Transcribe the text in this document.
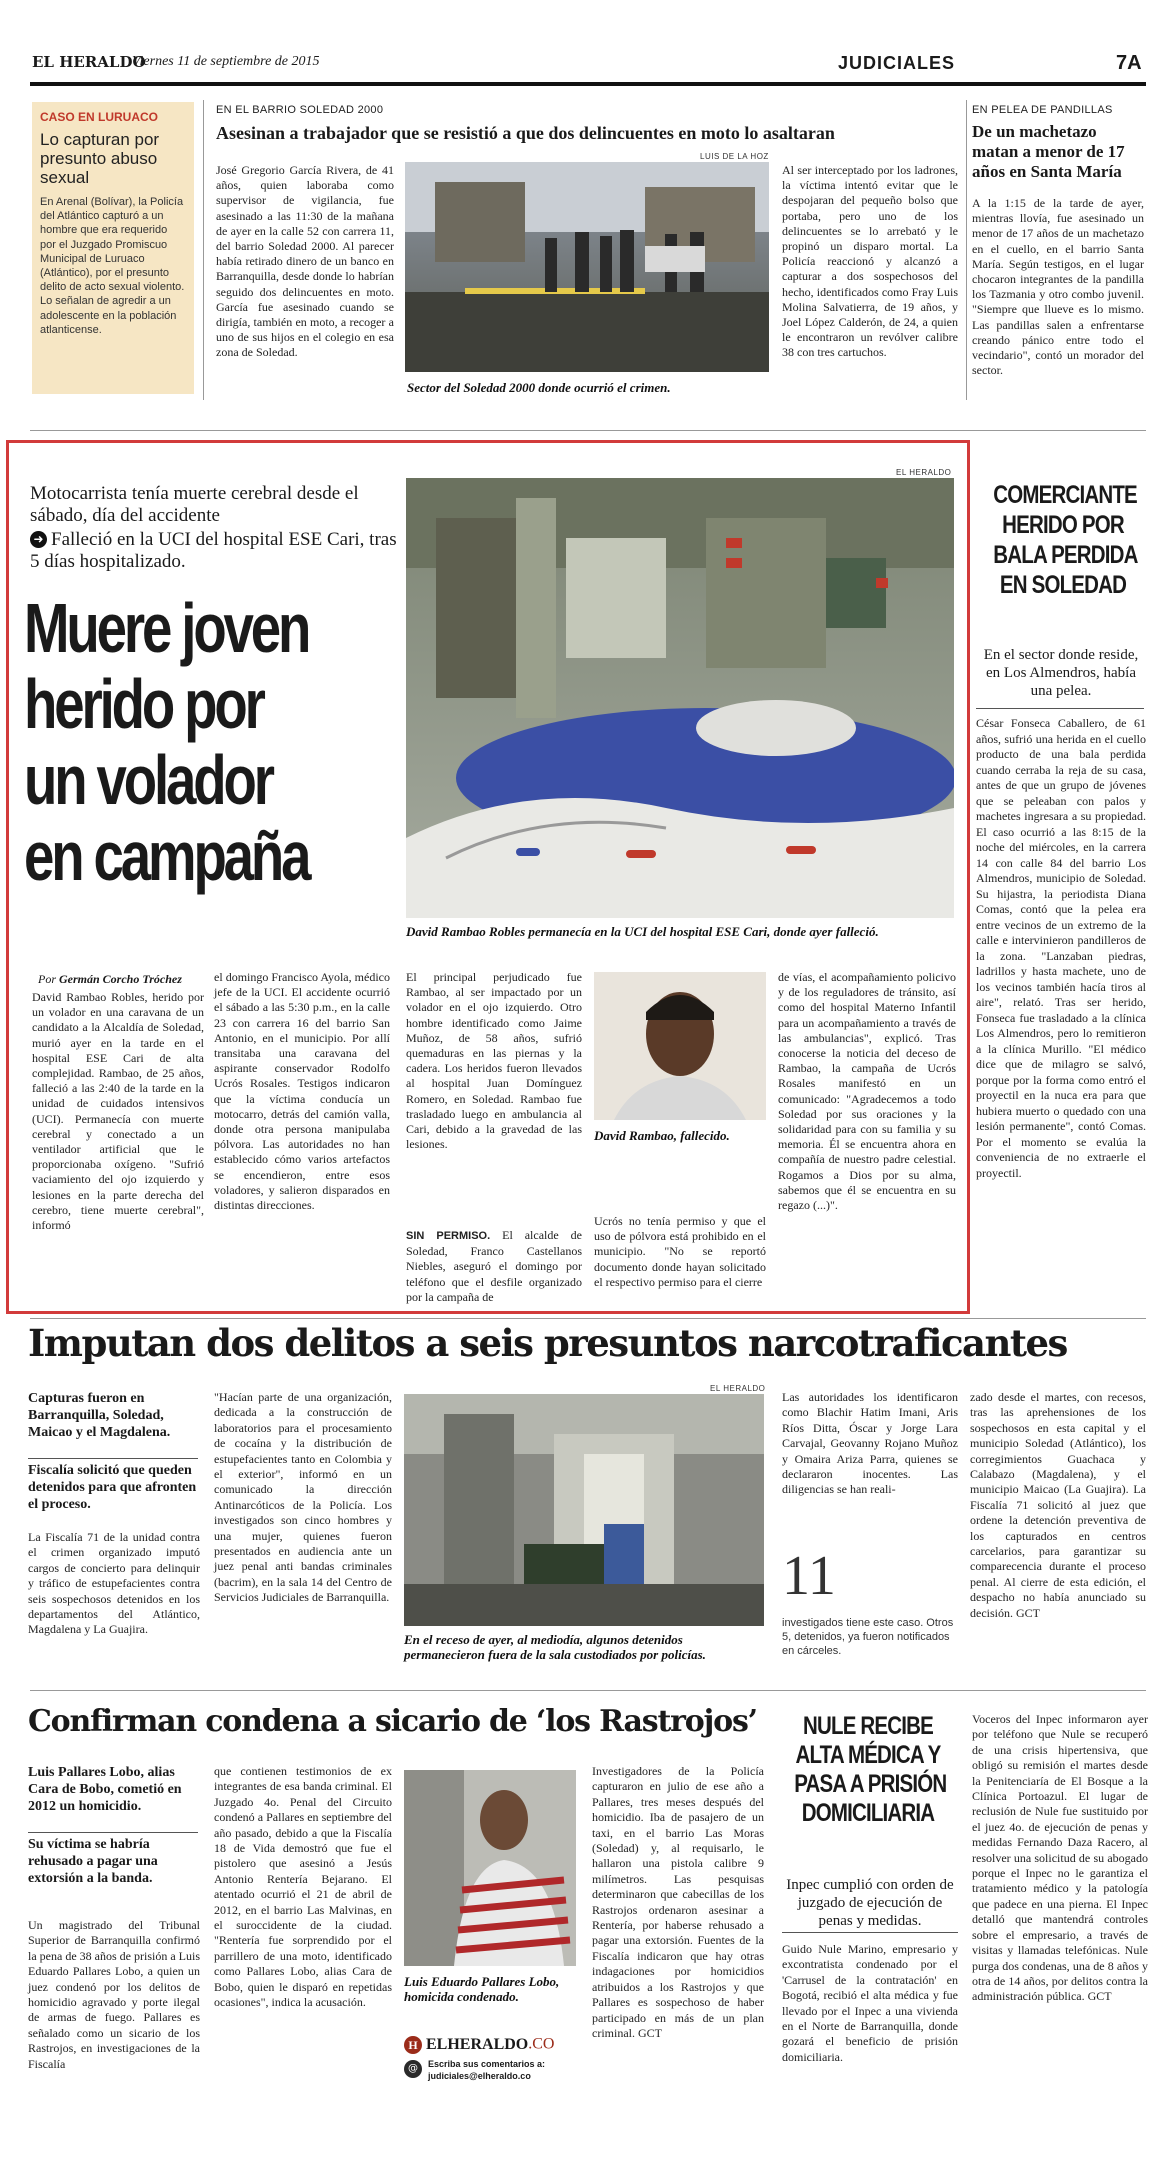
EL HERALDO
Viernes 11 de septiembre de 2015	JUDICIALES	7A
CASO EN LURUACO
Lo capturan por presunto abuso sexual
En Arenal (Bolívar), la Policía del Atlántico capturó a un hombre que era requerido por el Juzgado Promiscuo Municipal de Luruaco (Atlántico), por el presunto delito de acto sexual violento. Lo señalan de agredir a un adolescente en la población atlanticense.
EN EL BARRIO SOLEDAD 2000
Asesinan a trabajador que se resistió a que dos delincuentes en moto lo asaltaran
José Gregorio García Rivera, de 41 años, quien laboraba como supervisor de vigilancia, fue asesinado a las 11:30 de la mañana de ayer en la calle 52 con carrera 11, del barrio Soledad 2000. Al parecer había retirado dinero de un banco en Barranquilla, desde donde lo habrían seguido dos delincuentes en moto. García fue asesinado cuando se dirigía, también en moto, a recoger a uno de sus hijos en el colegio en esa zona de Soledad.
LUIS DE LA HOZ
Sector del Soledad 2000 donde ocurrió el crimen.
Al ser interceptado por los ladrones, la víctima intentó evitar que le despojaran del pequeño bolso que portaba, pero uno de los delincuentes se lo arrebató y le propinó un disparo mortal. La Policía reaccionó y alcanzó a capturar a dos sospechosos del hecho, identificados como Fray Luis Molina Salvatierra, de 19 años, y Joel López Calderón, de 24, a quien le encontraron un revólver calibre 38 con tres cartuchos.
EN PELEA DE PANDILLAS
De un machetazo matan a menor de 17 años en Santa María
A la 1:15 de la tarde de ayer, mientras llovía, fue asesinado un menor de 17 años de un machetazo en el cuello, en el barrio Santa María. Según testigos, en el lugar chocaron integrantes de la pandilla los Tazmania y otro combo juvenil. "Siempre que llueve es lo mismo. Las pandillas salen a enfrentarse creando pánico entre todo el vecindario", contó un morador del sector.
Motocarrista tenía muerte cerebral desde el sábado, día del accidente
➜ Falleció en la UCI del hospital ESE Cari, tras 5 días hospitalizado.
Muere joven
herido por
un volador
en campaña
EL HERALDO
David Rambao Robles permanecía en la UCI del hospital ESE Cari, donde ayer falleció.
Por Germán Corcho Tróchez
David Rambao Robles, herido por un volador en una caravana de un candidato a la Alcaldía de Soledad, murió ayer en la tarde en el hospital ESE Cari de alta complejidad. Rambao, de 25 años, falleció a las 2:40 de la tarde en la unidad de cuidados intensivos (UCI). Permanecía con muerte cerebral y conectado a un ventilador artificial que le proporcionaba oxígeno. "Sufrió vaciamiento del ojo izquierdo y lesiones en la parte derecha del cerebro, tiene muerte cerebral", informó
el domingo Francisco Ayola, médico jefe de la UCI. El accidente ocurrió el sábado a las 5:30 p.m., en la calle 23 con carrera 16 del barrio San Antonio, en el municipio. Por allí transitaba una caravana del aspirante conservador Rodolfo Ucrós Rosales. Testigos indicaron que la víctima conducía un motocarro, detrás del camión valla, donde otra persona manipulaba pólvora. Las autoridades no han establecido cómo varios artefactos se encendieron, entre esos voladores, y salieron disparados en distintas direcciones.
El principal perjudicado fue Rambao, al ser impactado por un volador en el ojo izquierdo. Otro hombre identificado como Jaime Muñoz, de 58 años, sufrió quemaduras en las piernas y la cadera. Los heridos fueron llevados al hospital Juan Domínguez Romero, en Soledad. Rambao fue trasladado luego en ambulancia al Cari, debido a la gravedad de las lesiones.
SIN PERMISO. El alcalde de Soledad, Franco Castellanos Niebles, aseguró el domingo por teléfono que el desfile organizado por la campaña de
David Rambao, fallecido.
Ucrós no tenía permiso y que el uso de pólvora está prohibido en el municipio. "No se reportó documento donde hayan solicitado el respectivo permiso para el cierre
de vías, el acompañamiento policivo y de los reguladores de tránsito, así como del hospital Materno Infantil para un acompañamiento a través de las ambulancias", explicó. Tras conocerse la noticia del deceso de Rambao, la campaña de Ucrós Rosales manifestó en un comunicado: "Agradecemos a todo Soledad por sus oraciones y la solidaridad para con su familia y su memoria. Él se encuentra ahora en compañía de nuestro padre celestial. Rogamos a Dios por su alma, sabemos que él se encuentra en su regazo (...)".
COMERCIANTE
HERIDO POR
BALA PERDIDA
EN SOLEDAD
En el sector donde reside, en Los Almendros, había una pelea.
César Fonseca Caballero, de 61 años, sufrió una herida en el cuello producto de una bala perdida cuando cerraba la reja de su casa, antes de que un grupo de jóvenes que se peleaban con palos y machetes ingresara a su propiedad. El caso ocurrió a las 8:15 de la noche del miércoles, en la carrera 14 con calle 84 del barrio Los Almendros, municipio de Soledad. Su hijastra, la periodista Diana Comas, contó que la pelea era entre vecinos de un extremo de la calle e intervinieron pandilleros de la zona. "Lanzaban piedras, ladrillos y hasta machete, uno de los vecinos también hacía tiros al aire", relató. Tras ser herido, Fonseca fue trasladado a la clínica Los Almendros, pero lo remitieron a la clínica Murillo. "El médico dice que de milagro se salvó, porque por la forma como entró el proyectil en la nuca era para que hubiera muerto o quedado con una lesión permanente", contó Comas. Por el momento se evalúa la conveniencia de no extraerle el proyectil.
Imputan dos delitos a seis presuntos narcotraficantes
Capturas fueron en Barranquilla, Soledad, Maicao y el Magdalena.
Fiscalía solicitó que queden detenidos para que afronten el proceso.
La Fiscalía 71 de la unidad contra el crimen organizado imputó cargos de concierto para delinquir y tráfico de estupefacientes contra seis sospechosos detenidos en los departamentos del Atlántico, Magdalena y La Guajira.
"Hacían parte de una organización, dedicada a la construcción de laboratorios para el procesamiento de cocaína y la distribución de estupefacientes tanto en Colombia y el exterior", informó en un comunicado la dirección Antinarcóticos de la Policía. Los investigados son cinco hombres y una mujer, quienes fueron presentados en audiencia ante un juez penal anti bandas criminales (bacrim), en la sala 14 del Centro de Servicios Judiciales de Barranquilla.
EL HERALDO
En el receso de ayer, al mediodía, algunos detenidos permanecieron fuera de la sala custodiados por policías.
Las autoridades los identificaron como Blachir Hatim Imani, Aris Ríos Ditta, Óscar y Jorge Lara Carvajal, Geovanny Rojano Muñoz y Omaira Ariza Parra, quienes se declararon inocentes. Las diligencias se han reali-
11
investigados tiene este caso. Otros 5, detenidos, ya fueron notificados en cárceles.
zado desde el martes, con recesos, tras las aprehensiones de los sospechosos en esta capital y el municipio Soledad (Atlántico), los corregimientos Guachaca y Calabazo (Magdalena), y el municipio Maicao (La Guajira). La Fiscalía 71 solicitó al juez que ordene la detención preventiva de los capturados en centros carcelarios, para garantizar su comparecencia durante el proceso penal. Al cierre de esta edición, el despacho no había anunciado su decisión. GCT
Confirman condena a sicario de ‘los Rastrojos’
Luis Pallares Lobo, alias Cara de Bobo, cometió en 2012 un homicidio.
Su víctima se habría rehusado a pagar una extorsión a la banda.
Un magistrado del Tribunal Superior de Barranquilla confirmó la pena de 38 años de prisión a Luis Eduardo Pallares Lobo, a quien un juez condenó por los delitos de homicidio agravado y porte ilegal de armas de fuego. Pallares es señalado como un sicario de los Rastrojos, en investigaciones de la Fiscalía
que contienen testimonios de ex integrantes de esa banda criminal. El Juzgado 4o. Penal del Circuito condenó a Pallares en septiembre del año pasado, debido a que la Fiscalía 18 de Vida demostró que fue el pistolero que asesinó a Jesús Antonio Rentería Bejarano. El atentado ocurrió el 21 de abril de 2012, en el barrio Las Malvinas, en el suroccidente de la ciudad. "Rentería fue sorprendido por el parrillero de una moto, identificado como Pallares Lobo, alias Cara de Bobo, quien le disparó en repetidas ocasiones", indica la acusación.
Luis Eduardo Pallares Lobo, homicida condenado.
H ELHERALDO.CO
@	Escriba sus comentarios a: judiciales@elheraldo.co
Investigadores de la Policía capturaron en julio de ese año a Pallares, tres meses después del homicidio. Iba de pasajero de un taxi, en el barrio Las Moras (Soledad) y, al requisarlo, le hallaron una pistola calibre 9 milímetros. Las pesquisas determinaron que cabecillas de los Rastrojos ordenaron asesinar a Rentería, por haberse rehusado a pagar una extorsión. Fuentes de la Fiscalía indicaron que hay otras indagaciones por homicidios atribuidos a los Rastrojos y que Pallares es sospechoso de haber participado en más de un plan criminal. GCT
NULE RECIBE
ALTA MÉDICA Y
PASA A PRISIÓN
DOMICILIARIA
Inpec cumplió con orden de juzgado de ejecución de penas y medidas.
Guido Nule Marino, empresario y excontratista condenado por el 'Carrusel de la contratación' en Bogotá, recibió el alta médica y fue llevado por el Inpec a una vivienda en el Norte de Barranquilla, donde gozará el beneficio de prisión domiciliaria.
Voceros del Inpec informaron ayer por teléfono que Nule se recuperó de una crisis hipertensiva, que obligó su remisión el martes desde la Penitenciaría de El Bosque a la Clínica Portoazul. El lugar de reclusión de Nule fue sustituido por el juez 4o. de ejecución de penas y medidas Fernando Daza Racero, al resolver una solicitud de su abogado porque el Inpec no le garantiza el tratamiento médico y la patología que padece en una pierna. El Inpec detalló que mantendrá controles sobre el empresario, a través de visitas y llamadas telefónicas. Nule purga dos condenas, una de 8 años y otra de 14 años, por delitos contra la administración pública. GCT
